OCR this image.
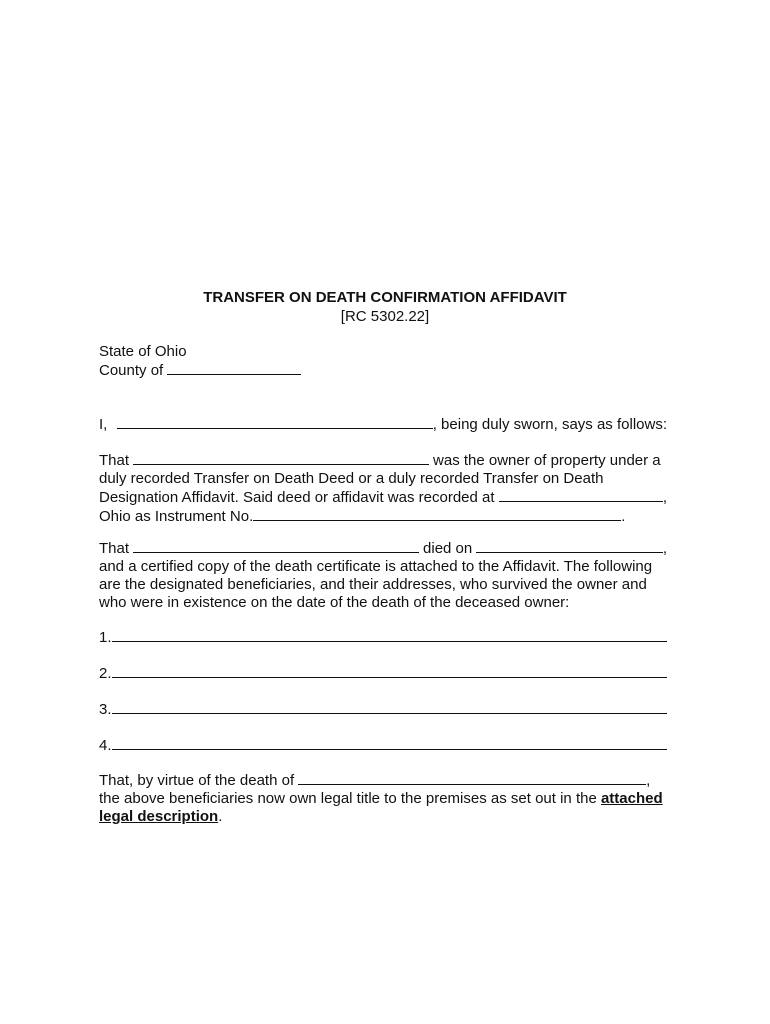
TRANSFER ON DEATH CONFIRMATION AFFIDAVIT
[RC 5302.22]
State of Ohio
County of
I,	, being duly sworn, says as follows:
That	was the owner of property under a
duly recorded Transfer on Death Deed or a duly recorded Transfer on Death
Designation Affidavit. Said deed or affidavit was recorded at	,
Ohio as Instrument No.	.
That	died on	,
and a certified copy of the death certificate is attached to the Affidavit. The following
are the designated beneficiaries, and their addresses, who survived the owner and
who were in existence on the date of the death of the deceased owner:
1.
2.
3.
4.
That, by virtue of the death of	,
the above beneficiaries now own legal title to the premises as set out in the attached
legal description.
